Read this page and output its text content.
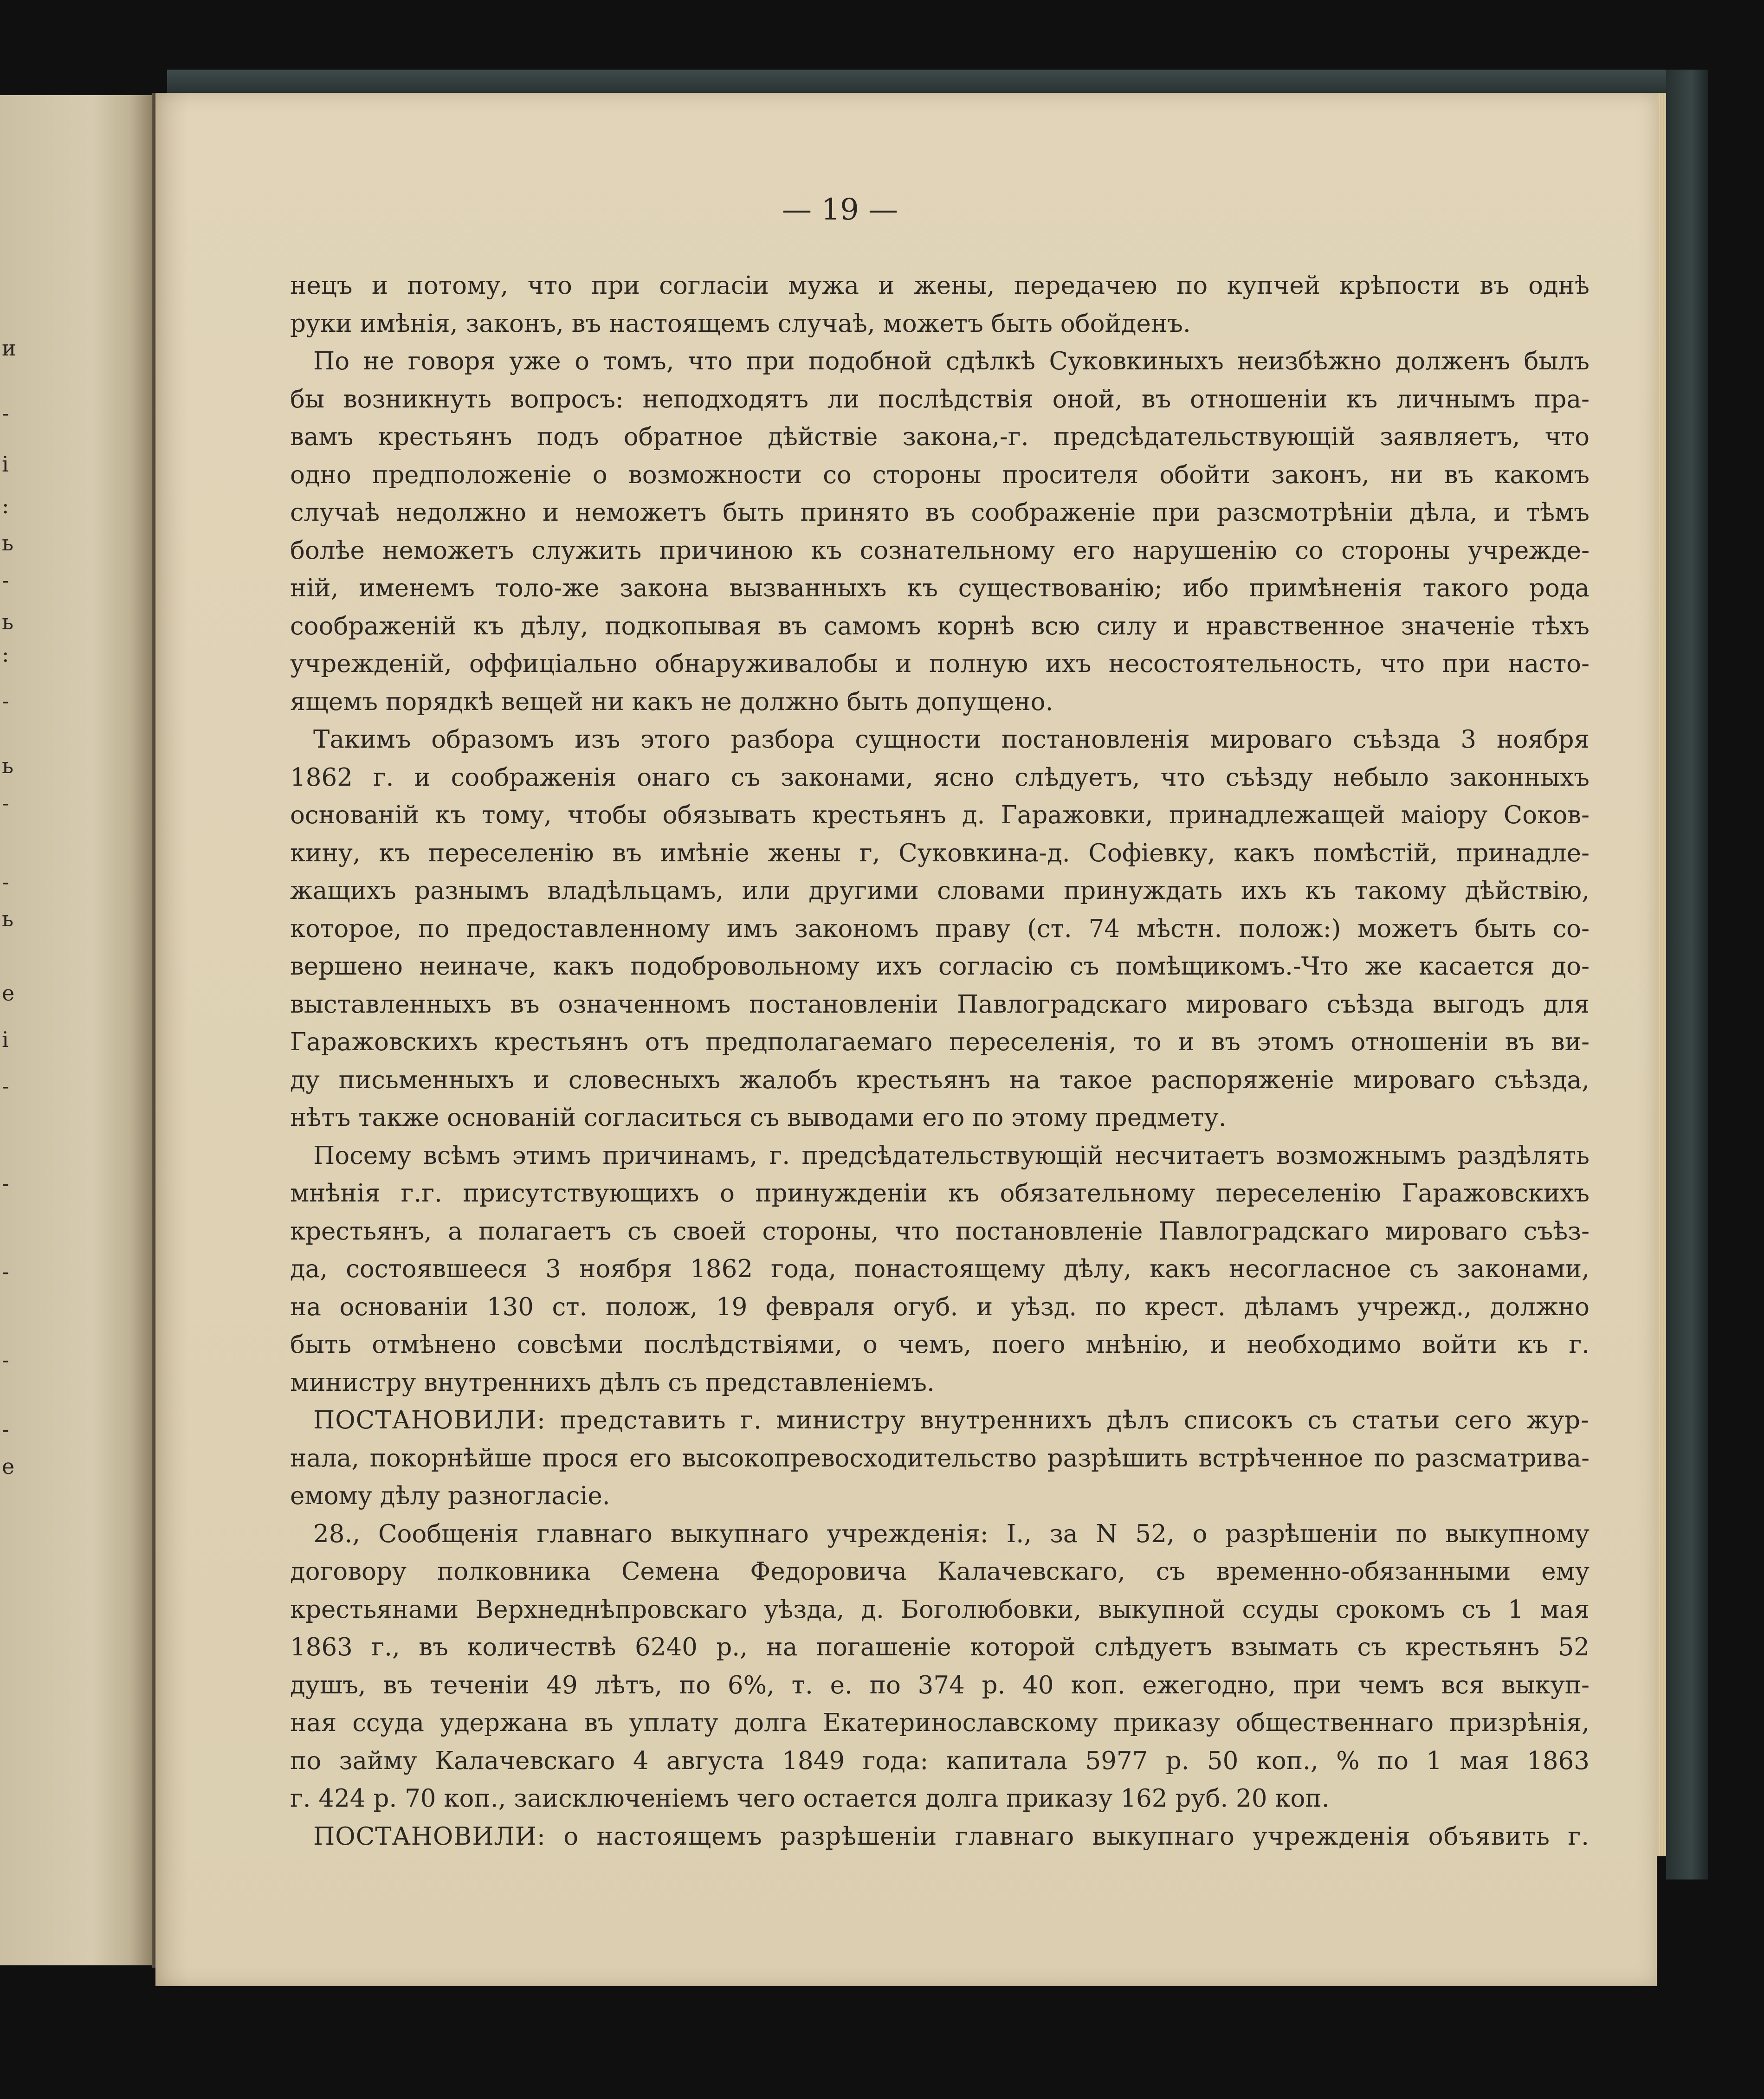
и
-
і
:
ь
-
ь
:
-
ь
-
-
ь
e
і
-
-
-
-
-
e
— 19 —
нецъ и потому, что при согласіи мужа и жены, передачею по купчей крѣпости въ однѣ
руки имѣнія, законъ, въ настоящемъ случаѣ, можетъ быть обойденъ.
По не говоря уже о томъ, что при подобной сдѣлкѣ Суковкиныхъ неизбѣжно долженъ былъ
бы возникнуть вопросъ: неподходятъ ли послѣдствія оной, въ отношеніи къ личнымъ пра-
вамъ крестьянъ подъ обратное дѣйствіе закона,-г. предсѣдательствующій заявляетъ, что
одно предположеніе о возможности со стороны просителя обойти законъ, ни въ какомъ
случаѣ недолжно и неможетъ быть принято въ соображеніе при разсмотрѣніи дѣла, и тѣмъ
болѣе неможетъ служить причиною къ сознательному его нарушенію со стороны учрежде-
ній, именемъ толо-же закона вызванныхъ къ существованію; ибо примѣненія такого рода
соображеній къ дѣлу, подкопывая въ самомъ корнѣ всю силу и нравственное значеніе тѣхъ
учрежденій, оффиціально обнаруживалобы и полную ихъ несостоятельность, что при насто-
ящемъ порядкѣ вещей ни какъ не должно быть допущено.
Такимъ образомъ изъ этого разбора сущности постановленія мироваго съѣзда 3 ноября
1862 г. и соображенія онаго съ законами, ясно слѣдуетъ, что съѣзду небыло законныхъ
основаній къ тому, чтобы обязывать крестьянъ д. Гаражовки, принадлежащей маіору Соков-
кину, къ переселенію въ имѣніе жены г, Суковкина-д. Софіевку, какъ помѣстій, принадле-
жащихъ разнымъ владѣльцамъ, или другими словами принуждать ихъ къ такому дѣйствію,
которое, по предоставленному имъ закономъ праву (ст. 74 мѣстн. полож:) можетъ быть со-
вершено неиначе, какъ подобровольному ихъ согласію съ помѣщикомъ.-Что же касается до-
выставленныхъ въ означенномъ постановленіи Павлоградскаго мироваго съѣзда выгодъ для
Гаражовскихъ крестьянъ отъ предполагаемаго переселенія, то и въ этомъ отношеніи въ ви-
ду письменныхъ и словесныхъ жалобъ крестьянъ на такое распоряженіе мироваго съѣзда,
нѣтъ также основаній согласиться съ выводами его по этому предмету.
Посему всѣмъ этимъ причинамъ, г. предсѣдательствующій несчитаетъ возможнымъ раздѣлять
мнѣнія г.г. присутствующихъ о принужденіи къ обязательному переселенію Гаражовскихъ
крестьянъ, а полагаетъ съ своей стороны, что постановленіе Павлоградскаго мироваго съѣз-
да, состоявшееся 3 ноября 1862 года, понастоящему дѣлу, какъ несогласное съ законами,
на основаніи 130 ст. полож, 19 февраля огуб. и уѣзд. по крест. дѣламъ учрежд., должно
быть отмѣнено совсѣми послѣдствіями, о чемъ, поего мнѣнію, и необходимо войти къ г.
министру внутреннихъ дѣлъ съ представленіемъ.
ПОСТАНОВИЛИ: представить г. министру внутреннихъ дѣлъ списокъ съ статьи сего жур-
нала, покорнѣйше прося его высокопревосходительство разрѣшить встрѣченное по разсматрива-
емому дѣлу разногласіе.
28., Сообщенія главнаго выкупнаго учрежденія: I., за N 52, о разрѣшеніи по выкупному
договору полковника Семена Федоровича Калачевскаго, съ временно-обязанными ему
крестьянами Верхнеднѣпровскаго уѣзда, д. Боголюбовки, выкупной ссуды срокомъ съ 1 мая
1863 г., въ количествѣ 6240 р., на погашеніе которой слѣдуетъ взымать съ крестьянъ 52
душъ, въ теченіи 49 лѣтъ, по 6%, т. е. по 374 р. 40 коп. ежегодно, при чемъ вся выкуп-
ная ссуда удержана въ уплату долга Екатеринославскому приказу общественнаго призрѣнія,
по займу Калачевскаго 4 августа 1849 года: капитала 5977 р. 50 коп., % по 1 мая 1863
г. 424 р. 70 коп., заисключеніемъ чего остается долга приказу 162 руб. 20 коп.
ПОСТАНОВИЛИ: о настоящемъ разрѣшеніи главнаго выкупнаго учрежденія объявить г.
